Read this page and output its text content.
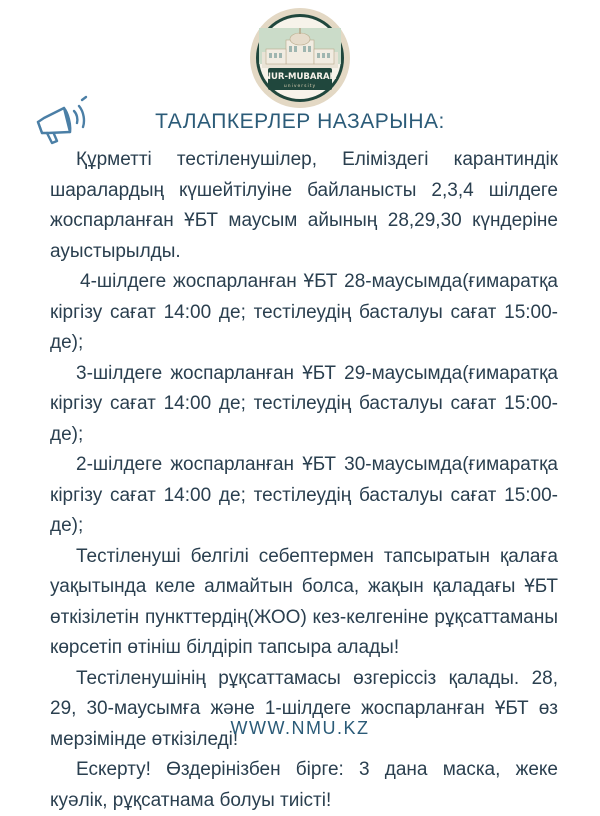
NUR-MUBARAK
university
ТАЛАПКЕРЛЕР НАЗАРЫНА:

Құрметті тестіленушілер, Еліміздегі карантиндік шаралардың күшейтілуіне байланысты 2,3,4 шілдеге жоспарланған ҰБТ маусым айының 28,29,30 күндеріне ауыстырылды.

4-шілдеге жоспарланған ҰБТ 28-маусымда(ғимаратқа кіргізу сағат 14:00 де; тестілеудің басталуы сағат 15:00-де);

3-шілдеге жоспарланған ҰБТ 29-маусымда(ғимаратқа кіргізу сағат 14:00 де; тестілеудің басталуы сағат 15:00-де);

2-шілдеге жоспарланған ҰБТ 30-маусымда(ғимаратқа кіргізу сағат 14:00 де; тестілеудің басталуы сағат 15:00-де);

Тестіленуші белгілі себептермен тапсыратын қалаға уақытында келе алмайтын болса, жақын қаладағы ҰБТ өткізілетін пункттердің(ЖОО) кез-келгеніне рұқсаттаманы көрсетіп өтініш білдіріп тапсыра алады!

Тестіленушінің рұқсаттамасы өзгеріссіз қалады. 28, 29, 30-маусымға және 1-шілдеге жоспарланған ҰБТ өз мерзімінде өткізіледі!

Ескерту! Өздерінізбен бірге: 3 дана маска, жеке куәлік, рұқсатнама болуы тиісті!

WWW.NMU.KZ
